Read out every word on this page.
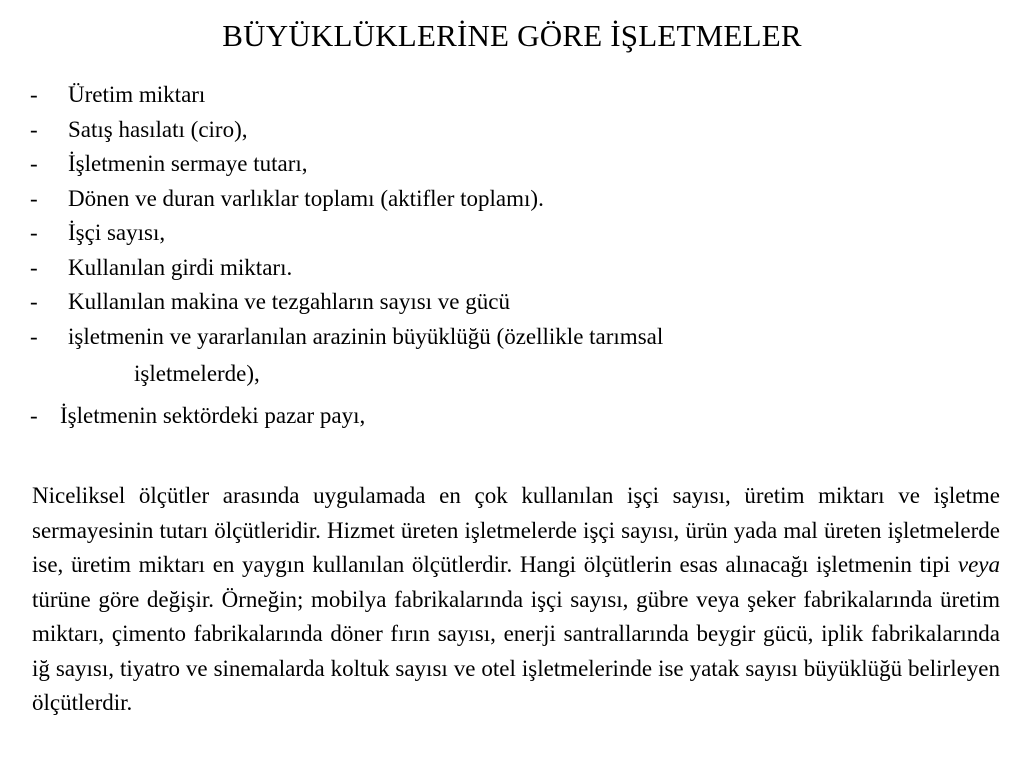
BÜYÜKLÜKLERİNE GÖRE İŞLETMELER
- Üretim miktarı
- Satış hasılatı (ciro),
- İşletmenin sermaye tutarı,
- Dönen ve duran varlıklar toplamı (aktifler toplamı).
- İşçi sayısı,
- Kullanılan girdi miktarı.
- Kullanılan makina ve tezgahların sayısı ve gücü
- işletmenin ve yararlanılan arazinin büyüklüğü (özellikle tarımsal
işletmelerde),
- İşletmenin sektördeki pazar payı,

Niceliksel ölçütler arasında uygulamada en çok kullanılan işçi sayısı, üretim miktarı ve işletme sermayesinin tutarı ölçütleridir. Hizmet üreten işletmelerde işçi sayısı, ürün yada mal üreten işletmelerde ise, üretim miktarı en yaygın kullanılan ölçütlerdir. Hangi ölçütlerin esas alınacağı işletmenin tipi veya türüne göre değişir. Örneğin; mobilya fabrikalarında işçi sayısı, gübre veya şeker fabrikalarında üretim miktarı, çimento fabrikalarında döner fırın sayısı, enerji santrallarında beygir gücü, iplik fabrikalarında iğ sayısı, tiyatro ve sinemalarda koltuk sayısı ve otel işletmelerinde ise yatak sayısı büyüklüğü belirleyen ölçütlerdir.
